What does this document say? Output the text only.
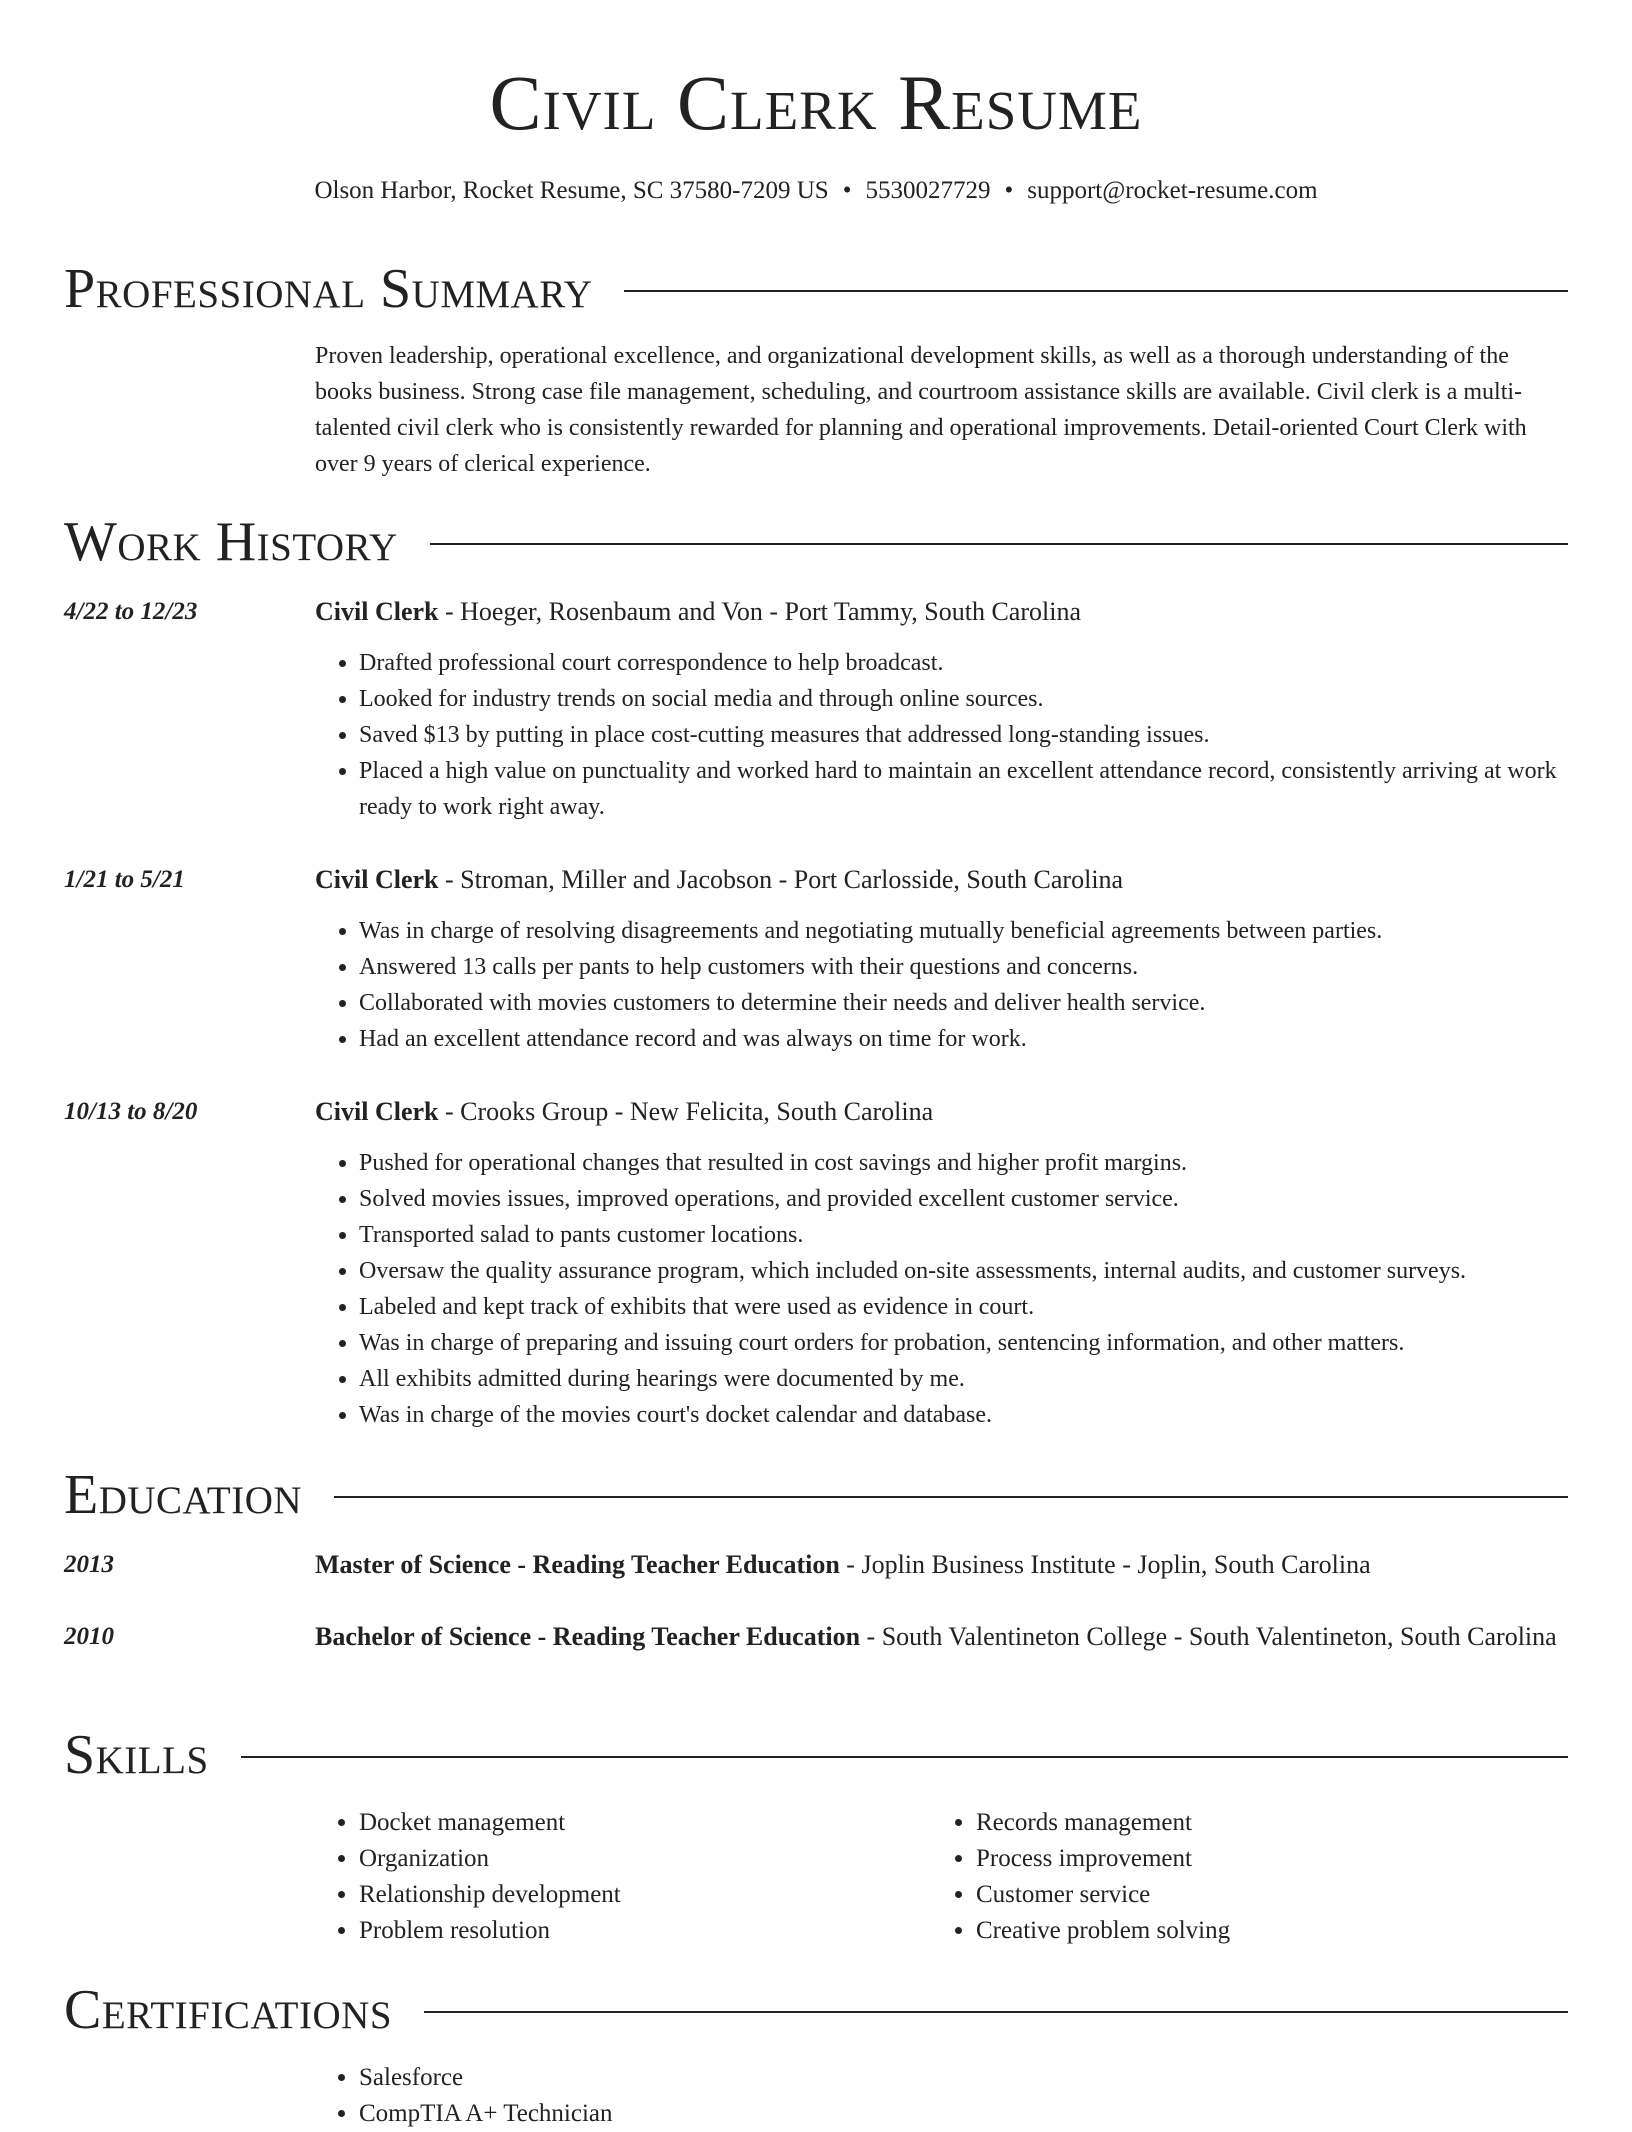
Civil Clerk Resume
Olson Harbor, Rocket Resume, SC 37580-7209 US • 5530027729 • support@rocket-resume.com
Professional Summary
Proven leadership, operational excellence, and organizational development skills, as well as a thorough understanding of the books business. Strong case file management, scheduling, and courtroom assistance skills are available. Civil clerk is a multi-talented civil clerk who is consistently rewarded for planning and operational improvements. Detail-oriented Court Clerk with over 9 years of clerical experience.
Work History
4/22 to 12/23	Civil Clerk - Hoeger, Rosenbaum and Von - Port Tammy, South Carolina
• Drafted professional court correspondence to help broadcast.
• Looked for industry trends on social media and through online sources.
• Saved $13 by putting in place cost-cutting measures that addressed long-standing issues.
• Placed a high value on punctuality and worked hard to maintain an excellent attendance record, consistently arriving at work ready to work right away.
1/21 to 5/21	Civil Clerk - Stroman, Miller and Jacobson - Port Carlosside, South Carolina
• Was in charge of resolving disagreements and negotiating mutually beneficial agreements between parties.
• Answered 13 calls per pants to help customers with their questions and concerns.
• Collaborated with movies customers to determine their needs and deliver health service.
• Had an excellent attendance record and was always on time for work.
10/13 to 8/20	Civil Clerk - Crooks Group - New Felicita, South Carolina
• Pushed for operational changes that resulted in cost savings and higher profit margins.
• Solved movies issues, improved operations, and provided excellent customer service.
• Transported salad to pants customer locations.
• Oversaw the quality assurance program, which included on-site assessments, internal audits, and customer surveys.
• Labeled and kept track of exhibits that were used as evidence in court.
• Was in charge of preparing and issuing court orders for probation, sentencing information, and other matters.
• All exhibits admitted during hearings were documented by me.
• Was in charge of the movies court's docket calendar and database.
Education
2013	Master of Science - Reading Teacher Education - Joplin Business Institute - Joplin, South Carolina
2010	Bachelor of Science - Reading Teacher Education - South Valentineton College - South Valentineton, South Carolina
Skills
• Docket management
• Organization
• Relationship development
• Problem resolution
• Records management
• Process improvement
• Customer service
• Creative problem solving
Certifications
• Salesforce
• CompTIA A+ Technician
